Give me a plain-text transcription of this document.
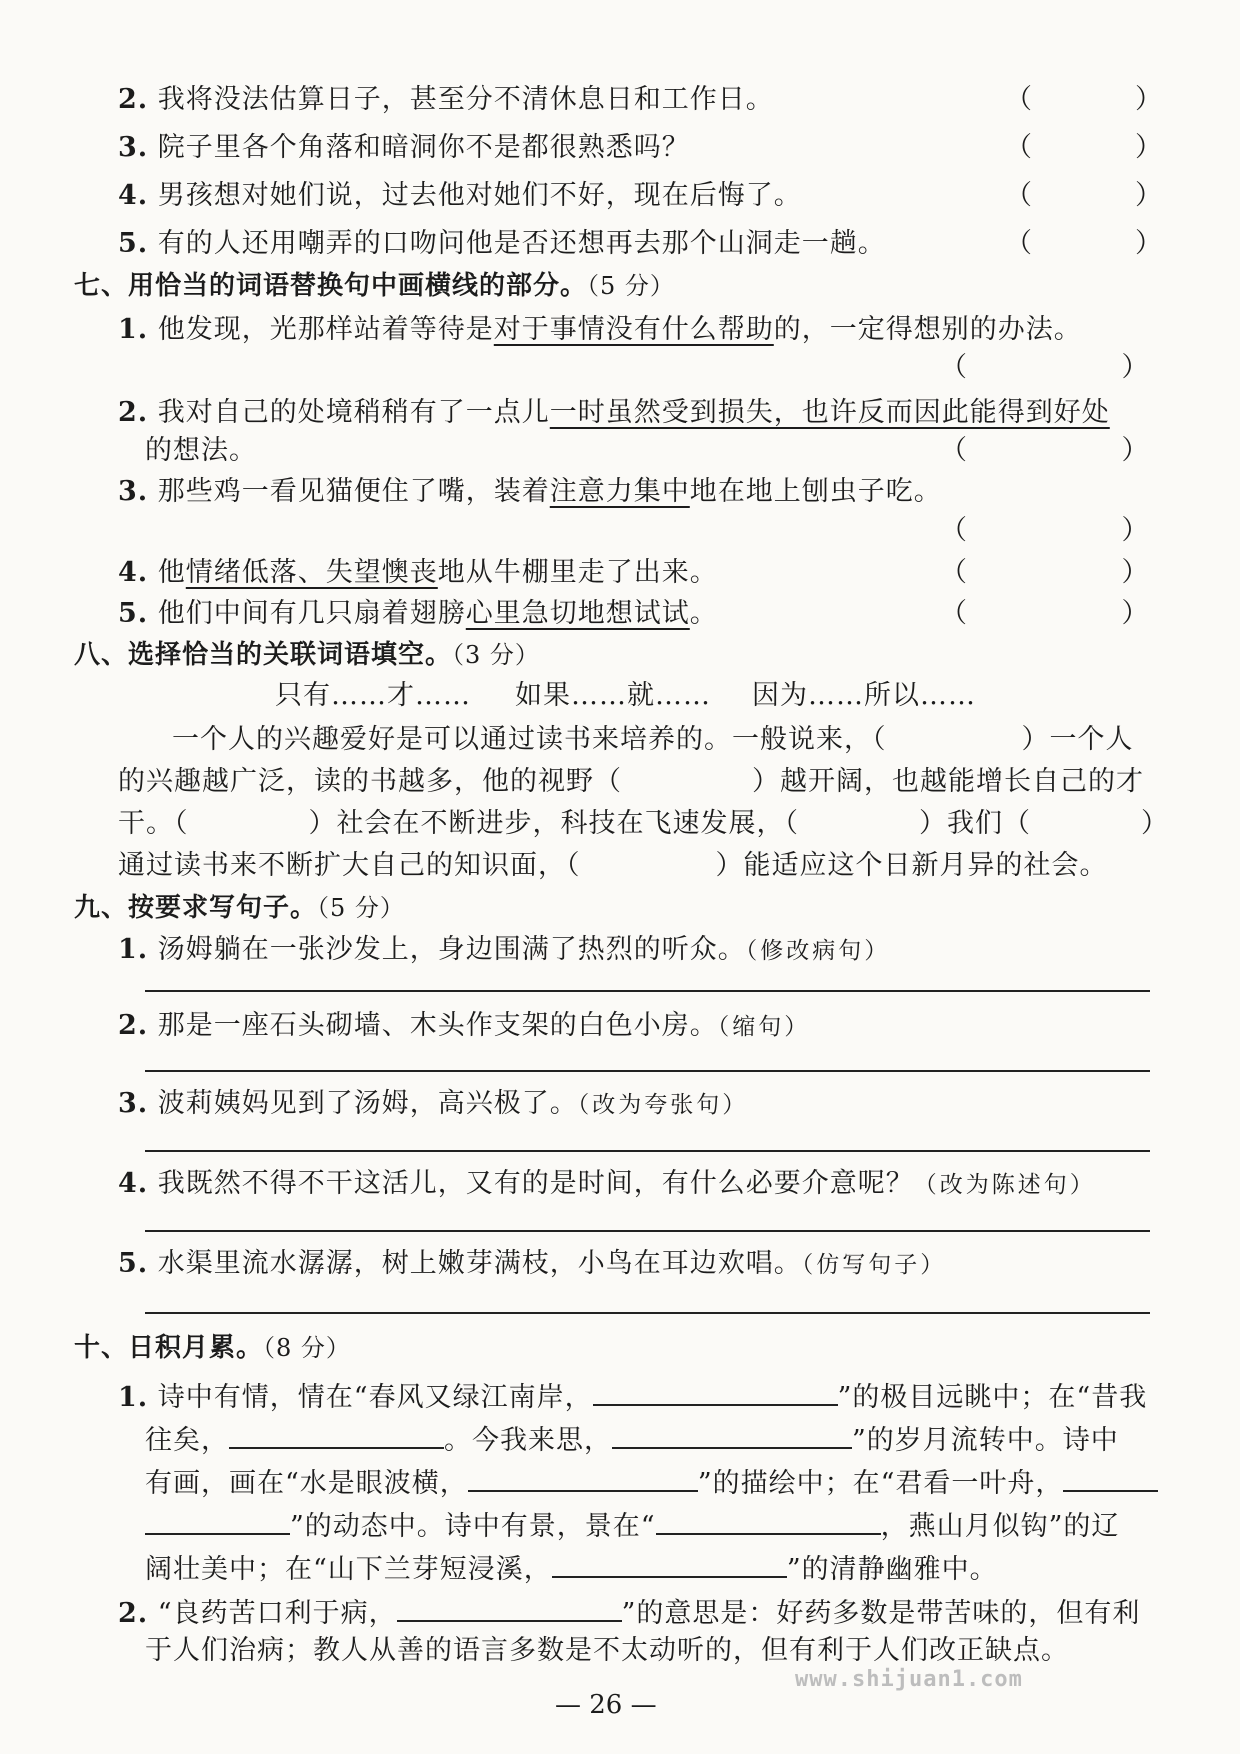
2. 我将没法估算日子，甚至分不清休息日和工作日。	（            ）
3. 院子里各个角落和暗洞你不是都很熟悉吗？	（            ）
4. 男孩想对她们说，过去他对她们不好，现在后悔了。	（            ）
5. 有的人还用嘲弄的口吻问他是否还想再去那个山洞走一趟。	（            ）
七、用恰当的词语替换句中画横线的部分。（5 分）
1. 他发现，光那样站着等待是对于事情没有什么帮助的，一定得想别的办法。
（                  ）
2. 我对自己的处境稍稍有了一点儿一时虽然受到损失，也许反而因此能得到好处
的想法。	（                  ）
3. 那些鸡一看见猫便住了嘴，装着注意力集中地在地上刨虫子吃。
（                  ）
4. 他情绪低落、失望懊丧地从牛棚里走了出来。	（                  ）
5. 他们中间有几只扇着翅膀心里急切地想试试。	（                  ）
八、选择恰当的关联词语填空。（3 分）
只有……才…… 如果……就…… 因为……所以……
一个人的兴趣爱好是可以通过读书来培养的。一般说来，（	）一个人
的兴趣越广泛，读的书越多，他的视野（	）越开阔，也越能增长自己的才
干。（	）社会在不断进步，科技在飞速发展，（	）我们（	）
通过读书来不断扩大自己的知识面，（	）能适应这个日新月异的社会。
九、按要求写句子。（5 分）
1. 汤姆躺在一张沙发上，身边围满了热烈的听众。（修改病句）
2. 那是一座石头砌墙、木头作支架的白色小房。（缩句）
3. 波莉姨妈见到了汤姆，高兴极了。（改为夸张句）
4. 我既然不得不干这活儿，又有的是时间，有什么必要介意呢？（改为陈述句）
5. 水渠里流水潺潺，树上嫩芽满枝，小鸟在耳边欢唱。（仿写句子）
十、日积月累。（8 分）
1. 诗中有情，情在“春风又绿江南岸，	”的极目远眺中；在“昔我
往矣，	。今我来思，	”的岁月流转中。诗中
有画，画在“水是眼波横，	”的描绘中；在“君看一叶舟，
”的动态中。诗中有景，景在“	，燕山月似钩”的辽
阔壮美中；在“山下兰芽短浸溪，	”的清静幽雅中。
2. “良药苦口利于病，	”的意思是：好药多数是带苦味的，但有利
于人们治病；教人从善的语言多数是不太动听的，但有利于人们改正缺点。
www.shijuan1.com
— 26 —
